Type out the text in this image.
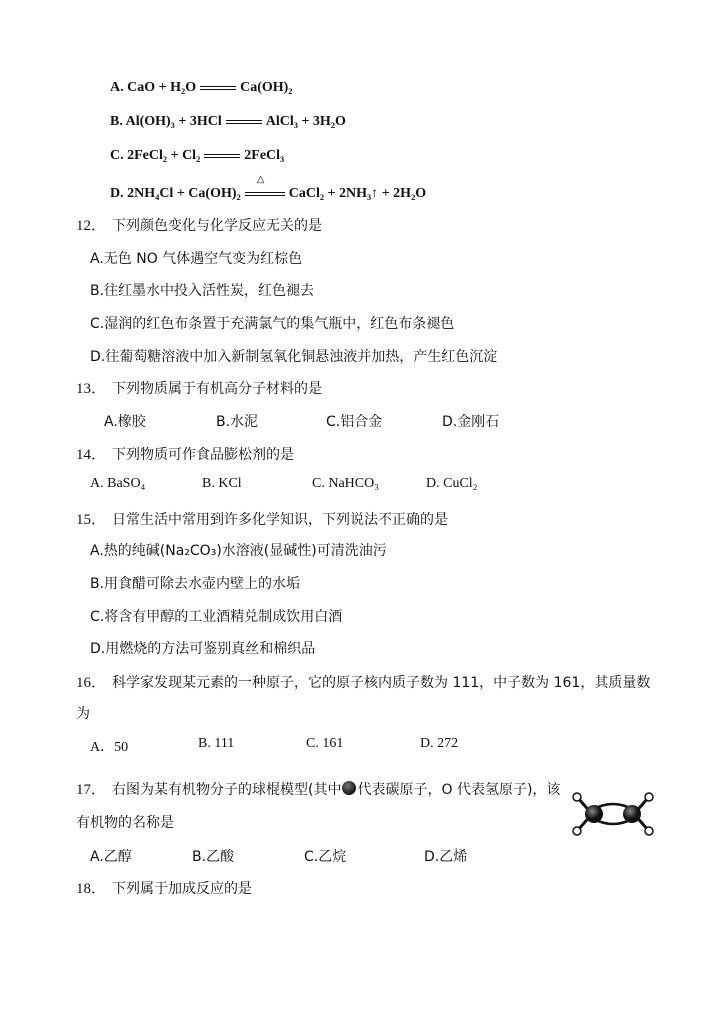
A. CaO + H₂O	Ca(OH)₂
B. Al(OH)₃ + 3HCl	AlCl₃ + 3H₂O
C. 2FeCl₂ + Cl₂	2FeCl₃
D. 2NH₄Cl + Ca(OH)₂
△
CaCl₂ + 2NH₃↑ + 2H₂O
12． 下列颜色变化与化学反应无关的是
A.无色 NO 气体遇空气变为红棕色
B.往红墨水中投入活性炭，红色褪去
C.湿润的红色布条置于充满氯气的集气瓶中，红色布条褪色
D.往葡萄糖溶液中加入新制氢氧化铜悬浊液并加热，产生红色沉淀
13． 下列物质属于有机高分子材料的是
A.橡胶	B.水泥	C.铝合金	D.金刚石
14． 下列物质可作食品膨松剂的是
A. BaSO₄	B. KCl	C. NaHCO₃	D. CuCl₂
15． 日常生活中常用到许多化学知识，下列说法不正确的是
A.热的纯碱(Na₂CO₃)水溶液(显碱性)可清洗油污
B.用食醋可除去水壶内壁上的水垢
C.将含有甲醇的工业酒精兑制成饮用白酒
D.用燃烧的方法可鉴别真丝和棉织品
16． 科学家发现某元素的一种原子，它的原子核内质子数为 111，中子数为 161，其质量数
为
A．50	B. 111	C. 161	D. 272
17． 右图为某有机物分子的球棍模型(其中 代表碳原子，O 代表氢原子)，该
有机物的名称是
A.乙醇	B.乙酸	C.乙烷	D.乙烯
18． 下列属于加成反应的是
